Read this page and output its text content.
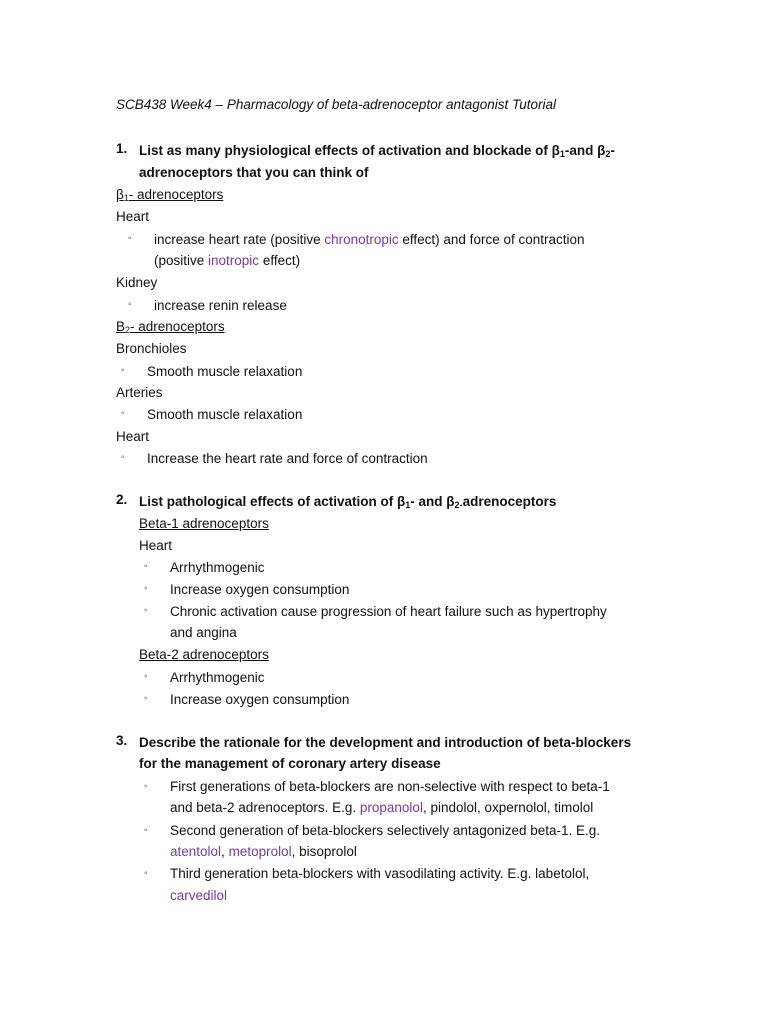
SCB438 Week4 – Pharmacology of beta-adrenoceptor antagonist Tutorial
1. List as many physiological effects of activation and blockade of $\beta_1$-and $\beta_2-$
adrenoceptors that you can think of
$\beta_1-$ adrenoceptors
Heart
◦ increase heart rate (positive chronotropic effect) and force of contraction
(positive inotropic effect)
Kidney
◦ increase renin release
$B_2-$ adrenoceptors
Bronchioles
◦ Smooth muscle relaxation
Arteries
◦ Smooth muscle relaxation
Heart
◦ Increase the heart rate and force of contraction
2. List pathological effects of activation of $\beta_1-$ and $\beta_{2-}adrenoceptors$
Beta-1 adrenoceptors
Heart
◦ Arrhythmogenic
◦ Increase oxygen consumption
◦ Chronic activation cause progression of heart failure such as hypertrophy
and angina
Beta-2 adrenoceptors
◦ Arrhythmogenic
◦ Increase oxygen consumption
3. Describe the rationale for the development and introduction of beta-blockers
for the management of coronary artery disease
◦ First generations of beta-blockers are non-selective with respect to beta-1
and beta-2 adrenoceptors. E.g. propanolol, pindolol, oxpernolol, timolol
◦ Second generation of beta-blockers selectively antagonized beta-1. E.g.
atentolol, metoprolol, bisoprolol
◦ Third generation beta-blockers with vasodilating activity. E.g. labetolol,
carvedilol
